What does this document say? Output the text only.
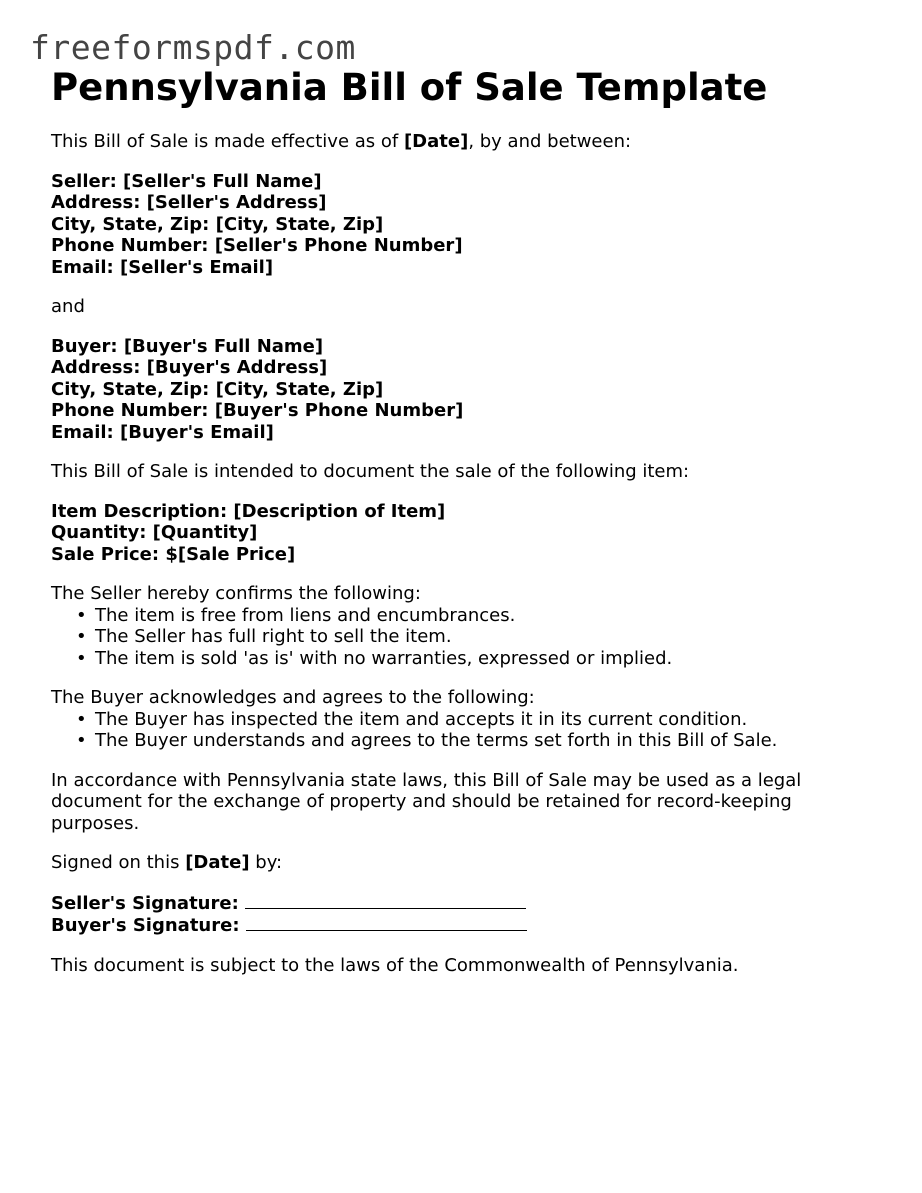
freeformspdf.com
Pennsylvania Bill of Sale Template

This Bill of Sale is made effective as of [Date], by and between:

Seller: [Seller's Full Name]
Address: [Seller's Address]
City, State, Zip: [City, State, Zip]
Phone Number: [Seller's Phone Number]
Email: [Seller's Email]

and

Buyer: [Buyer's Full Name]
Address: [Buyer's Address]
City, State, Zip: [City, State, Zip]
Phone Number: [Buyer's Phone Number]
Email: [Buyer's Email]

This Bill of Sale is intended to document the sale of the following item:

Item Description: [Description of Item]
Quantity: [Quantity]
Sale Price: $[Sale Price]

The Seller hereby confirms the following:

• The item is free from liens and encumbrances.
• The Seller has full right to sell the item.
• The item is sold 'as is' with no warranties, expressed or implied.

The Buyer acknowledges and agrees to the following:

• The Buyer has inspected the item and accepts it in its current condition.
• The Buyer understands and agrees to the terms set forth in this Bill of Sale.
In accordance with Pennsylvania state laws, this Bill of Sale may be used as a legal
document for the exchange of property and should be retained for record-keeping
purposes.

Signed on this [Date] by:

Seller's Signature:
Buyer's Signature:

This document is subject to the laws of the Commonwealth of Pennsylvania.
